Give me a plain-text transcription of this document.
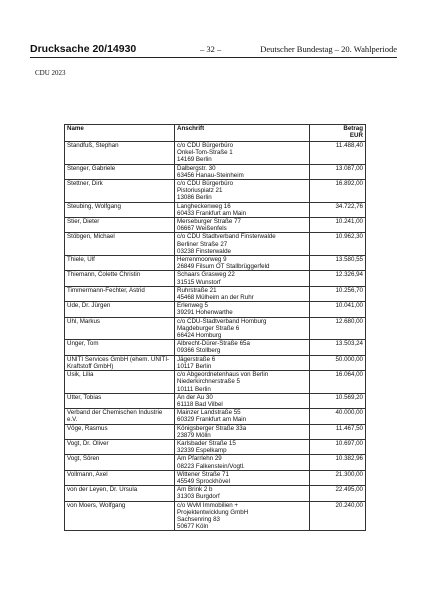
Drucksache 20/14930	– 32 –	Deutscher Bundestag – 20. Wahlperiode
CDU 2023
Name	Anschrift	Betrag
EUR

Standfuß, Stephan	c/o CDU Bürgerbüro
Onkel-Tom-Straße 1
14169 Berlin	11.488,40
Stenger, Gabriele	Dalbergstr. 30
63456 Hanau-Steinheim	13.087,00
Stettner, Dirk	c/o CDU Bürgerbüro
Pistoriuspiatz 21
13086 Berlin	16.892,00
Steubing, Wolfgang	Langheckenweg 16
60433 Frankfurt am Main	34.722,76
Stier, Dieter	Merseburger Straße 77
06667 Weißenfels	10.241,00
Stöbgen, Michael	c/o CDU Stadtverband Finsterwalde
Berliner Straße 27
03238 Finsterwalde	10.962,30
Thiele, Ulf	Herrenmoorweg 9
26849 Filsum OT Stallbrüggerfeld	13.580,55
Thiemann, Colette Christin	Schaars Grasweg 22
31515 Wunstorf	12.326,94
Timmermann-Fechter, Astrid	Ruhrstraße 21
45468 Mülheim an der Ruhr	10.256,70
Ude, Dr. Jürgen	Erlenweg 5
39291 Hohenwarthe	10.041,00
Uhl, Markus	c/o CDU-Stadtverband Homburg
Magdeburger Straße 6
66424 Homburg	12.680,00
Unger, Tom	Albrecht-Dürer-Straße 65a
09366 Stollberg	13.503,24
UNITI Services GmbH (ehem. UNITI-Kraftstoff GmbH)	Jägerstraße 6
10117 Berlin	50.000,00
Usik, Lilia	c/o Abgeordnetenhaus von Berlin
Niederkirchnerstraße 5
10111 Berlin	16.064,00
Utter, Tobias	An der Au 30
61118 Bad Vilbel	10.569,20
Verband der Chemischen Industrie e.V.	Mainzer Landstraße 55
60329 Frankfurt am Main	40.000,00
Vöge, Rasmus	Königsberger Straße 33a
23879 Mölln	11.467,50
Vogt, Dr. Oliver	Karlsbader Straße 15
32339 Espelkamp	10.697,00
Vogt, Sören	Am Pfarrlehn 29
08223 Falkenstein/Vogtl.	10.382,96
Vollmann, Axel	Wittener Straße 71
45549 Sprockhövel	21.300,00
von der Leyen, Dr. Ursula	Am Brink 2 b
31303 Burgdorf	22.495,00
von Moers, Wolfgang	c/o WvM Immobilien +
Projektentwicklung GmbH
Sachsenring 83
50677 Köln	20.240,00
